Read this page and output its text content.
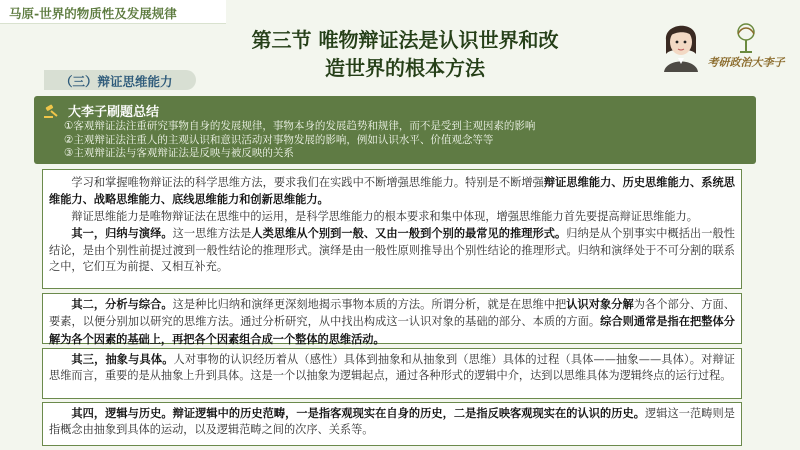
马原-世界的物质性及发展规律
第三节 唯物辩证法是认识世界和改
造世界的根本方法
（三）辩证思维能力
考研政治大李子
大李子刷题总结
①客观辩证法注重研究事物自身的发展规律，事物本身的发展趋势和规律，而不是受到主观因素的影响
②主观辩证法注重人的主观认识和意识活动对事物发展的影响，例如认识水平、价值观念等等
③主观辩证法与客观辩证法是反映与被反映的关系

学习和掌握唯物辩证法的科学思维方法，要求我们在实践中不断增强思维能力。特别是不断增强辩证思维能力、历史思维能力、系统思维能力、战略思维能力、底线思维能力和创新思维能力。

辩证思维能力是唯物辩证法在思维中的运用，是科学思维能力的根本要求和集中体现，增强思维能力首先要提高辩证思维能力。

其一，归纳与演绎。这一思维方法是人类思维从个别到一般、又由一般到个别的最常见的推理形式。归纳是从个别事实中概括出一般性结论，是由个别性前提过渡到一般性结论的推理形式。演绎是由一般性原则推导出个别性结论的推理形式。归纳和演绎处于不可分割的联系之中，它们互为前提、又相互补充。

其二，分析与综合。这是种比归纳和演绎更深刻地揭示事物本质的方法。所谓分析，就是在思维中把认识对象分解为各个部分、方面、要素，以便分别加以研究的思维方法。通过分析研究，从中找出构成这一认识对象的基础的部分、本质的方面。综合则通常是指在把整体分解为各个因素的基础上，再把各个因素组合成一个整体的思维活动。

其三，抽象与具体。人对事物的认识经历着从（感性）具体到抽象和从抽象到（思维）具体的过程（具体——抽象——具体）。对辩证思维而言，重要的是从抽象上升到具体。这是一个以抽象为逻辑起点，通过各种形式的逻辑中介，达到以思维具体为逻辑终点的运行过程。

其四，逻辑与历史。辩证逻辑中的历史范畴，一是指客观现实在自身的历史，二是指反映客观现实在的认识的历史。逻辑这一范畴则是指概念由抽象到具体的运动，以及逻辑范畴之间的次序、关系等。
